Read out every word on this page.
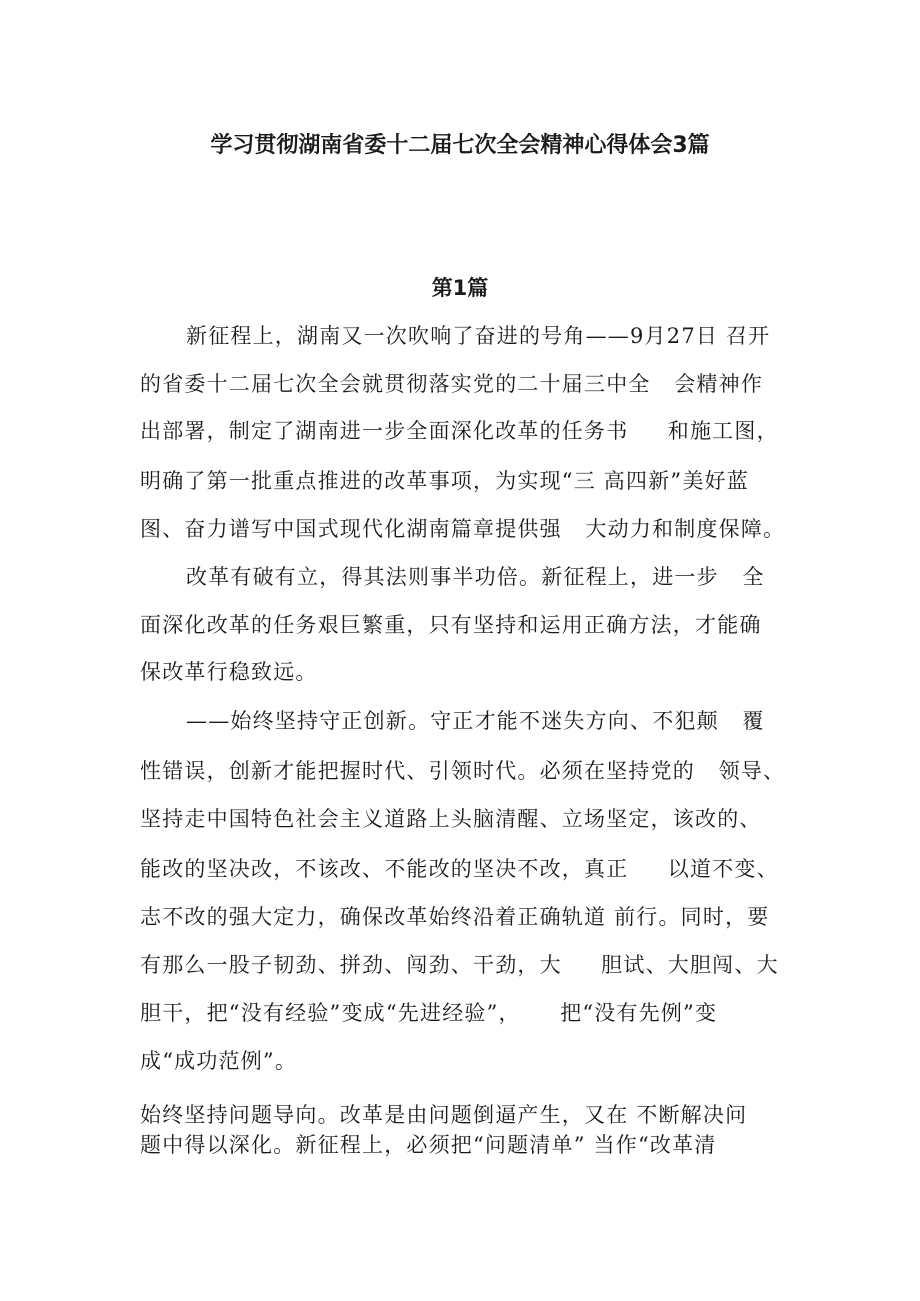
学习贯彻湖南省委十二届七次全会精神心得体会3篇
第1篇
新征程上，湖南又一次吹响了奋进的号角——9月27日 召开
的省委十二届七次全会就贯彻落实党的二十届三中全   会精神作
出部署，制定了湖南进一步全面深化改革的任务书     和施工图，
明确了第一批重点推进的改革事项，为实现“三 高四新”美好蓝
图、奋力谱写中国式现代化湖南篇章提供强   大动力和制度保障。
改革有破有立，得其法则事半功倍。新征程上，进一步   全
面深化改革的任务艰巨繁重，只有坚持和运用正确方法，才能确
保改革行稳致远。
——始终坚持守正创新。守正才能不迷失方向、不犯颠   覆
性错误，创新才能把握时代、引领时代。必须在坚持党的   领导、
坚持走中国特色社会主义道路上头脑清醒、立场坚定，该改的、
能改的坚决改，不该改、不能改的坚决不改，真正     以道不变、
志不改的强大定力，确保改革始终沿着正确轨道 前行。同时，要
有那么一股子韧劲、拼劲、闯劲、干劲，大     胆试、大胆闯、大
胆干，把“没有经验”变成“先进经验”，     把“没有先例”变
成“成功范例”。
始终坚持问题导向。改革是由问题倒逼产生，又在 不断解决问
题中得以深化。新征程上，必须把“问题清单” 当作“改革清
